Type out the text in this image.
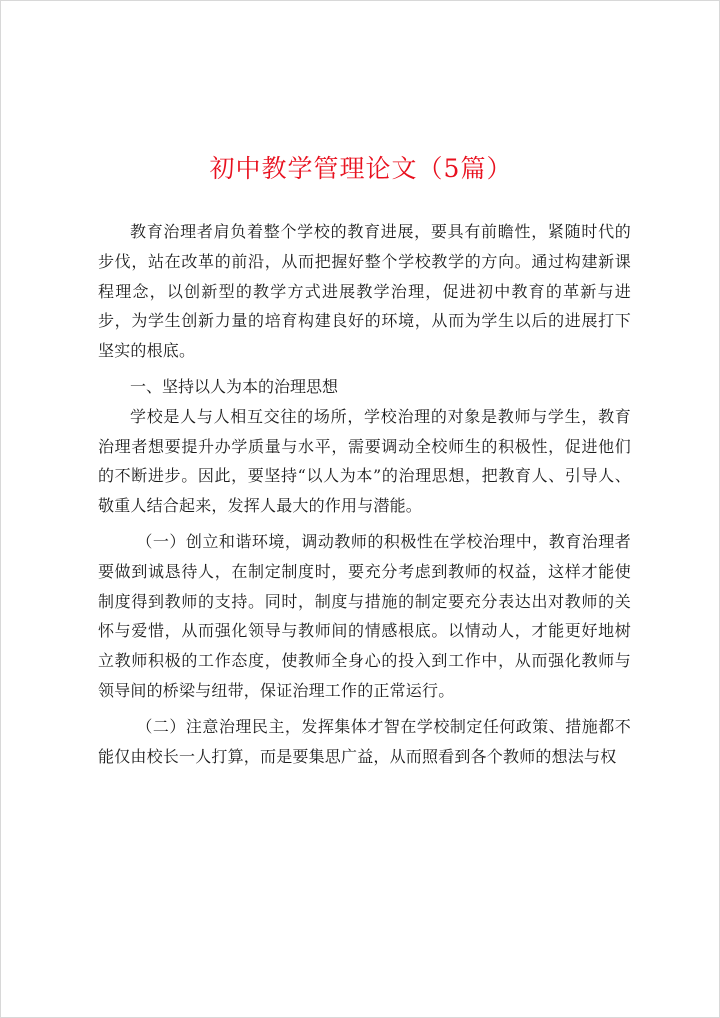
初中教学管理论文（5篇）

教育治理者肩负着整个学校的教育进展，要具有前瞻性，紧随时代的步伐，站在改革的前沿，从而把握好整个学校教学的方向。通过构建新课程理念，以创新型的教学方式进展教学治理，促进初中教育的革新与进步，为学生创新力量的培育构建良好的环境，从而为学生以后的进展打下坚实的根底。

一、坚持以人为本的治理思想

学校是人与人相互交往的场所，学校治理的对象是教师与学生，教育治理者想要提升办学质量与水平，需要调动全校师生的积极性，促进他们的不断进步。因此，要坚持“以人为本”的治理思想，把教育人、引导人、敬重人结合起来，发挥人最大的作用与潜能。

（一）创立和谐环境，调动教师的积极性在学校治理中，教育治理者要做到诚恳待人，在制定制度时，要充分考虑到教师的权益，这样才能使制度得到教师的支持。同时，制度与措施的制定要充分表达出对教师的关怀与爱惜，从而强化领导与教师间的情感根底。以情动人，才能更好地树立教师积极的工作态度，使教师全身心的投入到工作中，从而强化教师与领导间的桥梁与纽带，保证治理工作的正常运行。

（二）注意治理民主，发挥集体才智在学校制定任何政策、措施都不能仅由校长一人打算，而是要集思广益，从而照看到各个教师的想法与权
